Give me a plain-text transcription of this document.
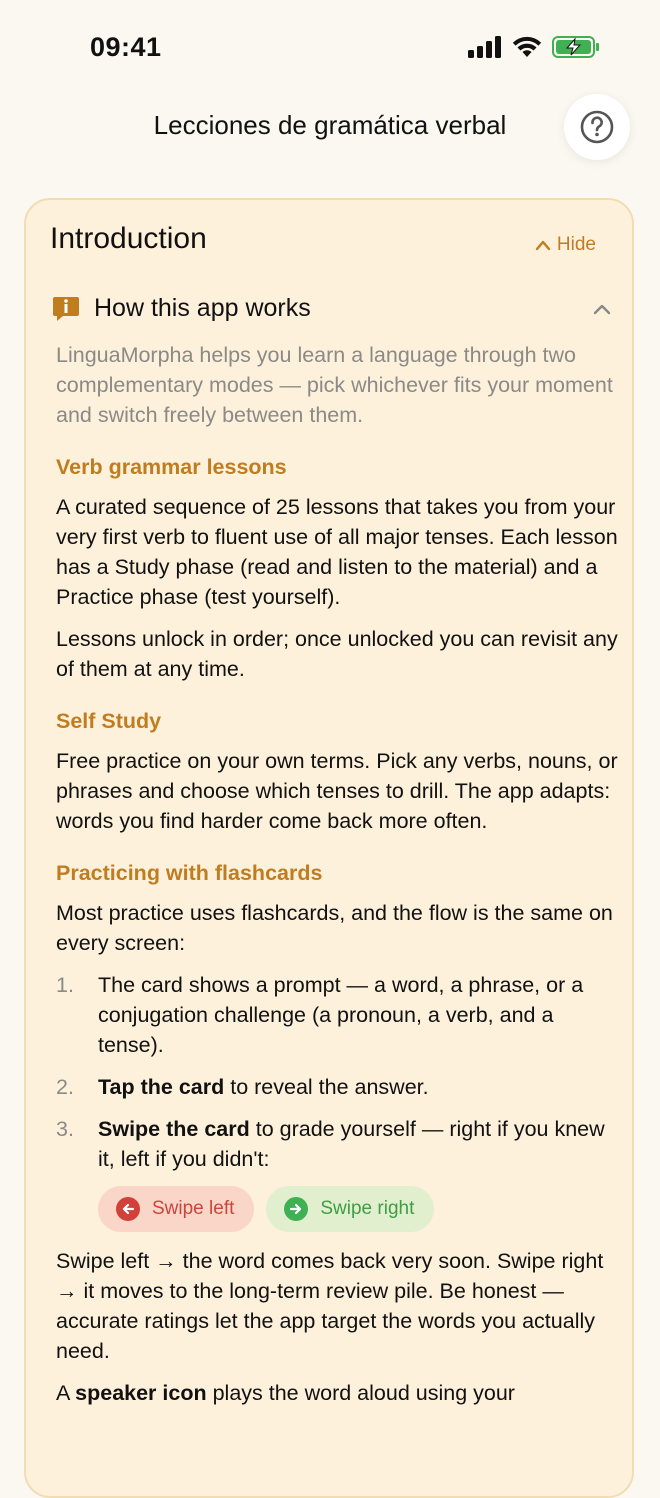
09:41
Lecciones de gramática verbal
Introduction	Hide
How this app works

LinguaMorpha helps you learn a language through two complementary modes — pick whichever fits your moment and switch freely between them.

Verb grammar lessons

A curated sequence of 25 lessons that takes you from your very first verb to fluent use of all major tenses. Each lesson has a Study phase (read and listen to the material) and a Practice phase (test yourself).

Lessons unlock in order; once unlocked you can revisit any of them at any time.

Self Study

Free practice on your own terms. Pick any verbs, nouns, or phrases and choose which tenses to drill. The app adapts: words you find harder come back more often.

Practicing with flashcards

Most practice uses flashcards, and the flow is the same on every screen:

1. The card shows a prompt — a word, a phrase, or a conjugation challenge (a pronoun, a verb, and a tense).
2. Tap the card to reveal the answer.
3. Swipe the card to grade yourself — right if you knew it, left if you didn't:
Swipe left	Swipe right

Swipe left → the word comes back very soon. Swipe right → it moves to the long-term review pile. Be honest — accurate ratings let the app target the words you actually need.

A speaker icon plays the word aloud using your
